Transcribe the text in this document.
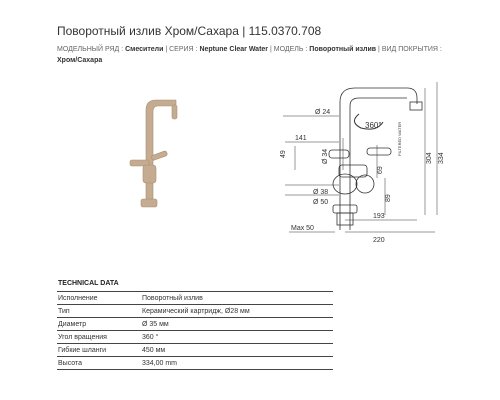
Поворотный излив Хром/Сахара | 115.0370.708
МОДЕЛЬНЫЙ РЯД : Смесители | СЕРИЯ : Neptune Clear Water | МОДЕЛЬ : Поворотный излив | ВИД ПОКРЫТИЯ :
Хром/Сахара
Ø 24
360°
141
49	Ø 34
69
89
Ø 38
Ø 50
Max 50
193
220
304 334
FILTERED WATER
TECHNICAL DATA
Исполнение	Поворотный излив
Тип	Керамический картридж, Ø28 мм
Диаметр	Ø 35 мм
Угол вращения	360 °
Гибкие шланги	450 мм
Высота	334,00 mm
